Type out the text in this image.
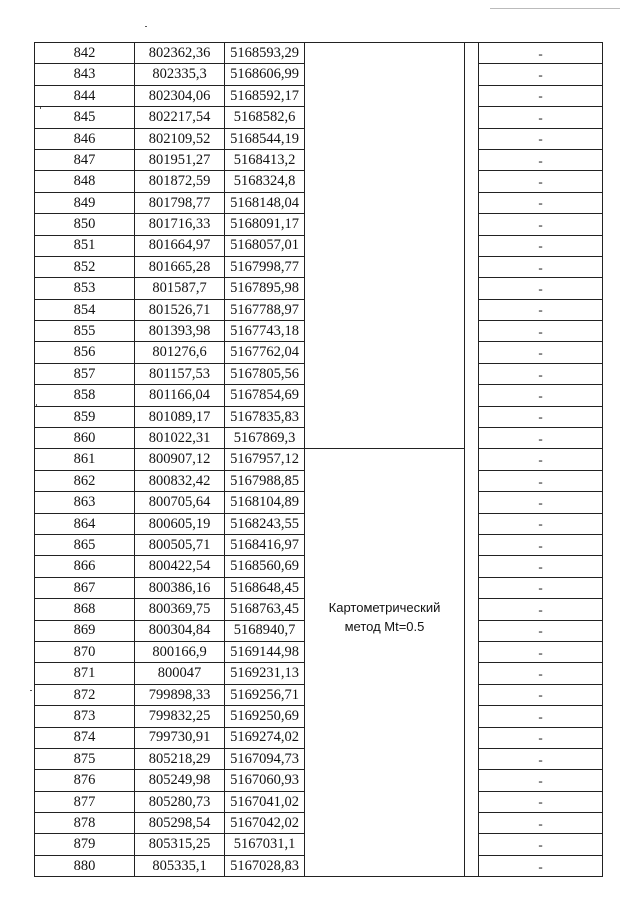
842	802362,36	5168593,29			-
843	802335,3	5168606,99			-
844	802304,06	5168592,17			-
845	802217,54	5168582,6			-
846	802109,52	5168544,19			-
847	801951,27	5168413,2			-
848	801872,59	5168324,8			-
849	801798,77	5168148,04			-
850	801716,33	5168091,17			-
851	801664,97	5168057,01			-
852	801665,28	5167998,77			-
853	801587,7	5167895,98			-
854	801526,71	5167788,97			-
855	801393,98	5167743,18			-
856	801276,6	5167762,04			-
857	801157,53	5167805,56			-
858	801166,04	5167854,69			-
859	801089,17	5167835,83			-
860	801022,31	5167869,3			-
861	800907,12	5167957,12	Картометрический
метод Mt=0.5		-
862	800832,42	5167988,85			-
863	800705,64	5168104,89			-
864	800605,19	5168243,55			-
865	800505,71	5168416,97			-
866	800422,54	5168560,69			-
867	800386,16	5168648,45			-
868	800369,75	5168763,45			-
869	800304,84	5168940,7			-
870	800166,9	5169144,98			-
871	800047	5169231,13			-
872	799898,33	5169256,71			-
873	799832,25	5169250,69			-
874	799730,91	5169274,02			-
875	805218,29	5167094,73			-
876	805249,98	5167060,93			-
877	805280,73	5167041,02			-
878	805298,54	5167042,02			-
879	805315,25	5167031,1			-
880	805335,1	5167028,83			-
